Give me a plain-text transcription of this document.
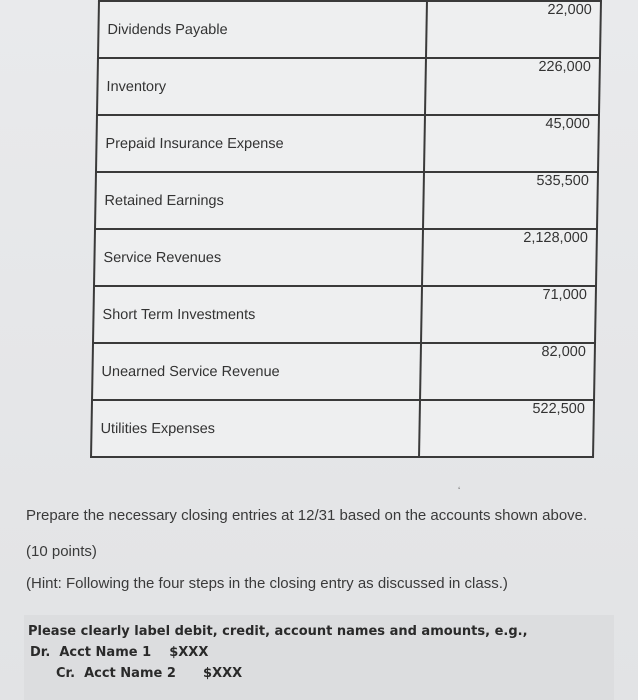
Dividends Payable	22,000
Inventory	226,000
Prepaid Insurance Expense	45,000
Retained Earnings	535,500
Service Revenues	2,128,000
Short Term Investments	71,000
Unearned Service Revenue	82,000
Utilities Expenses	522,500
ʻ
Prepare the necessary closing entries at 12/31 based on the accounts shown above. (10 points)
(Hint: Following the four steps in the closing entry as discussed in class.)
Please clearly label debit, credit, account names and amounts, e.g.,
Dr.  Acct Name 1    $XXX
Cr.  Acct Name 2      $XXX
